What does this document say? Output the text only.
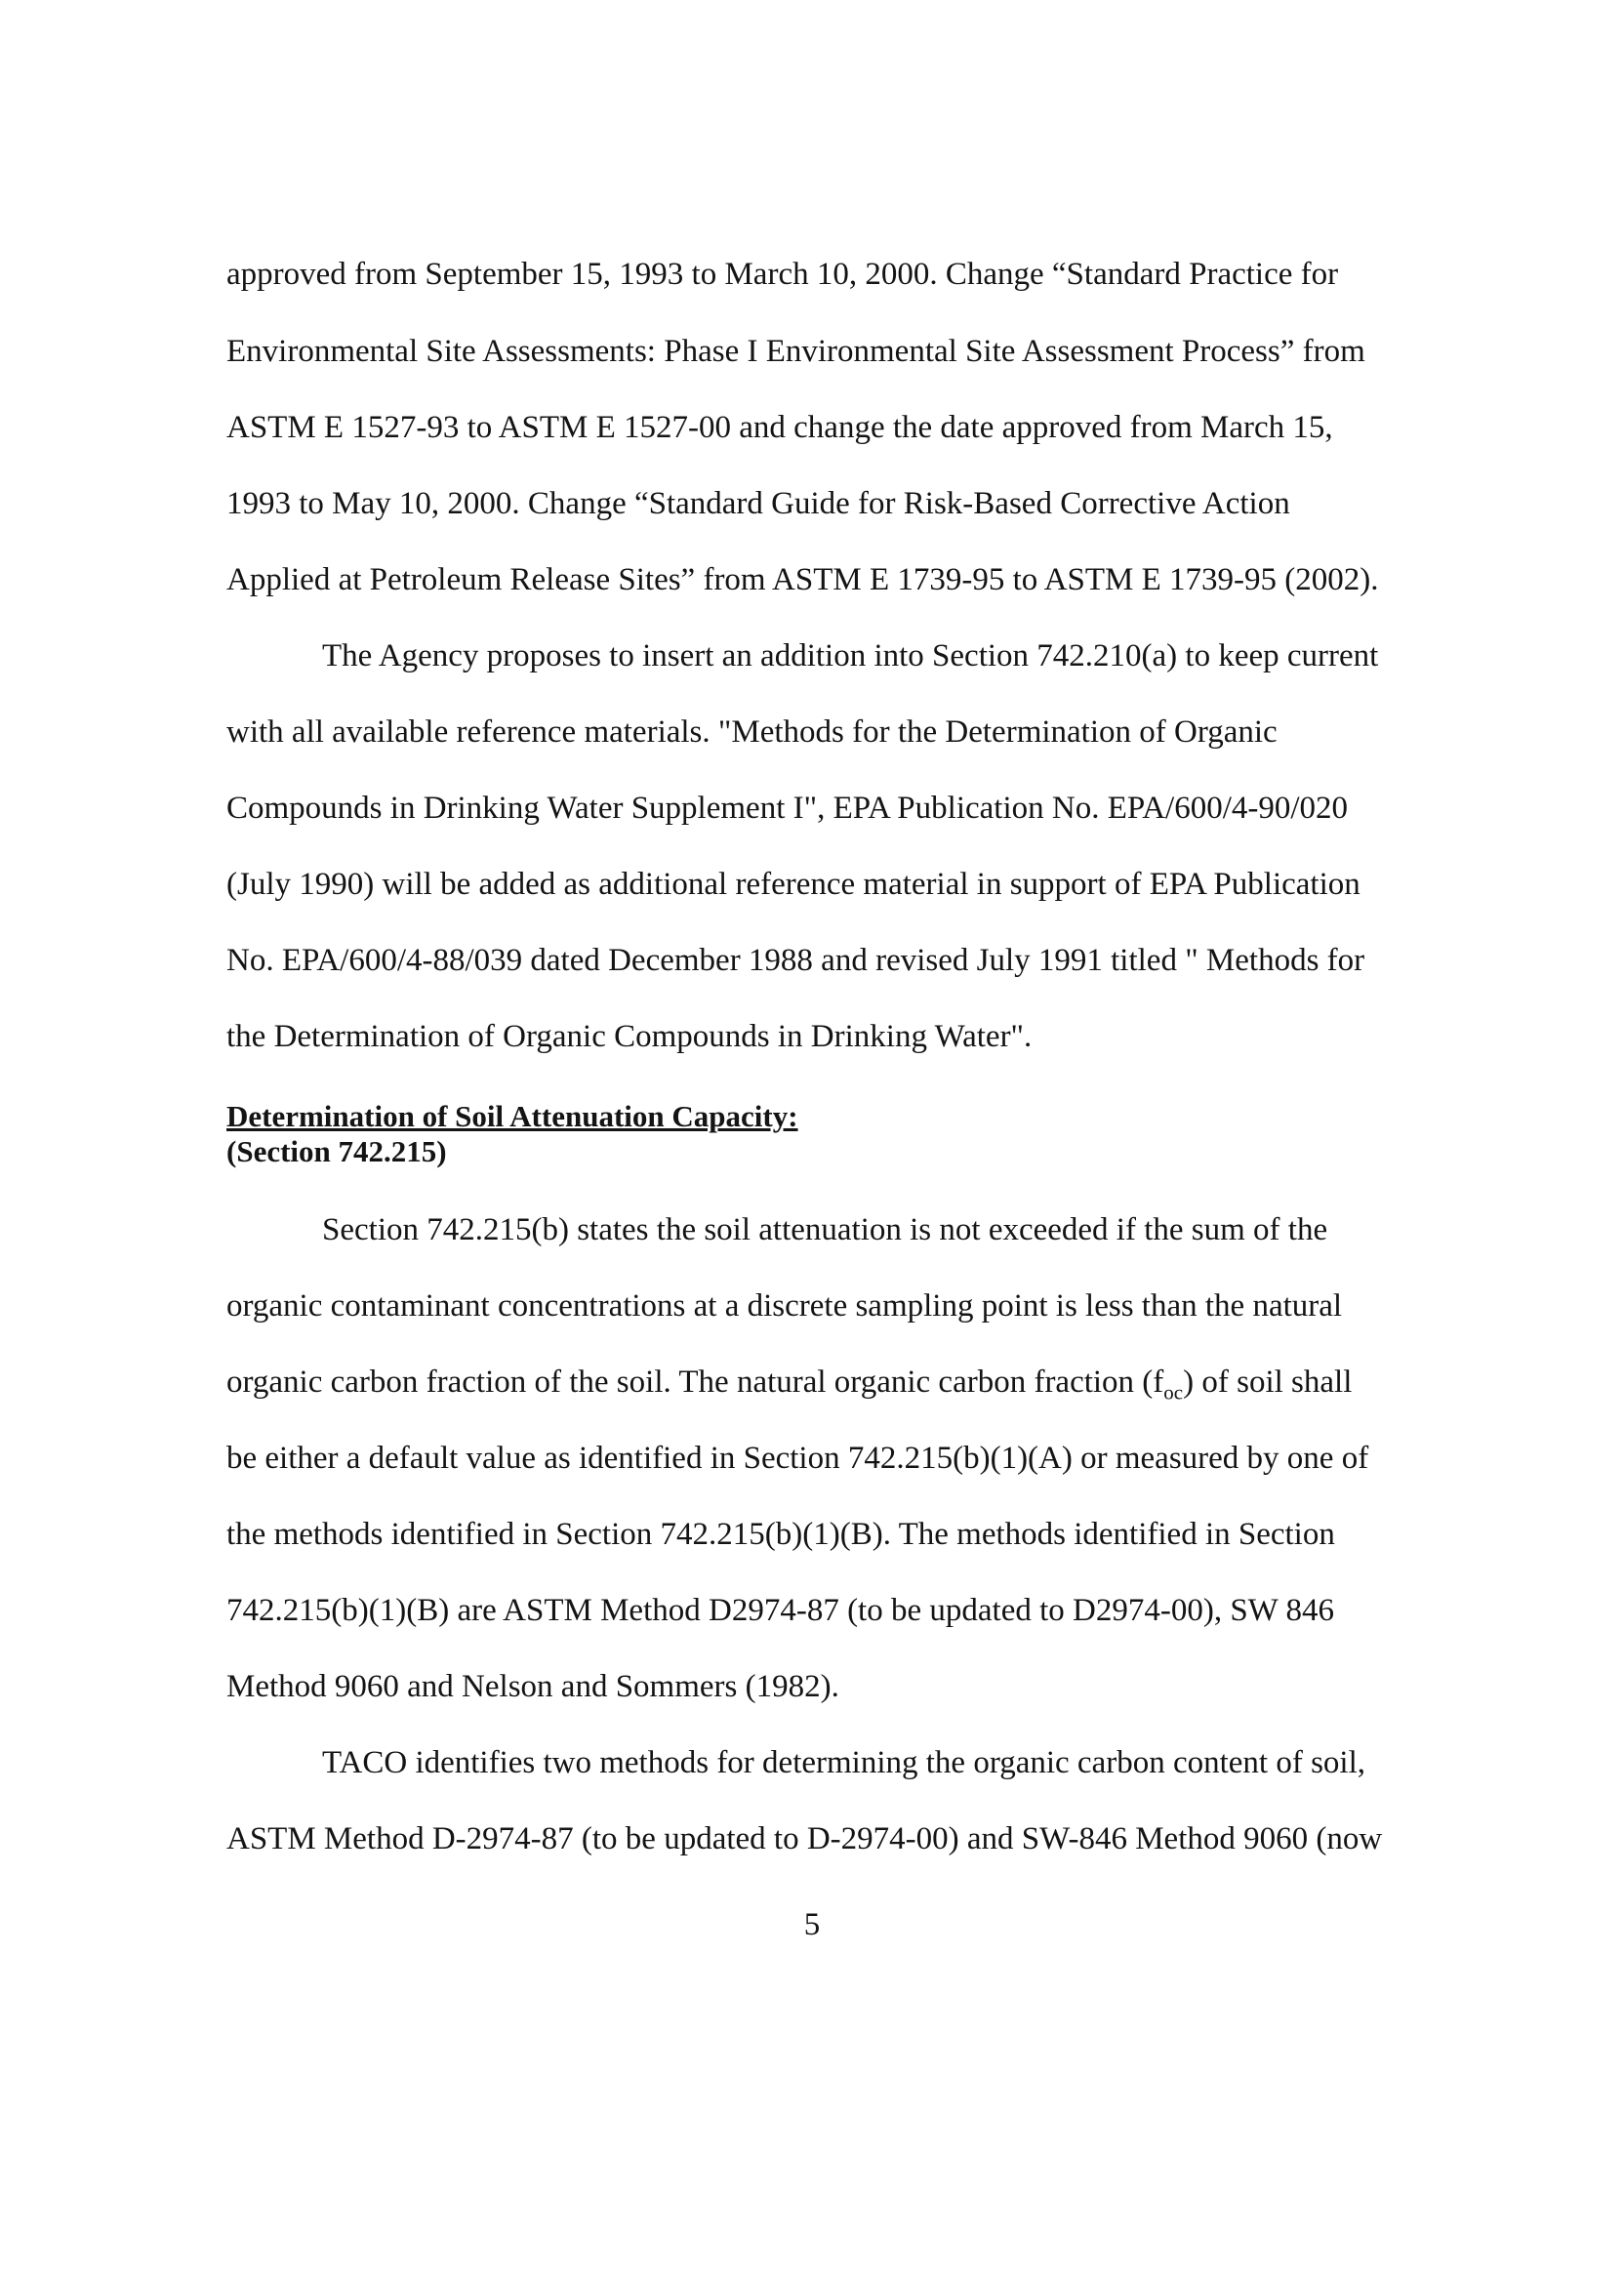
approved from September 15, 1993 to March 10, 2000. Change “Standard Practice for
Environmental Site Assessments: Phase I Environmental Site Assessment Process” from
ASTM E 1527-93 to ASTM E 1527-00 and change the date approved from March 15,
1993 to May 10, 2000. Change “Standard Guide for Risk-Based Corrective Action
Applied at Petroleum Release Sites” from ASTM E 1739-95 to ASTM E 1739-95 (2002).
The Agency proposes to insert an addition into Section 742.210(a) to keep current
with all available reference materials. "Methods for the Determination of Organic
Compounds in Drinking Water Supplement I", EPA Publication No. EPA/600/4-90/020
(July 1990) will be added as additional reference material in support of EPA Publication
No. EPA/600/4-88/039 dated December 1988 and revised July 1991 titled " Methods for
the Determination of Organic Compounds in Drinking Water".
Determination of Soil Attenuation Capacity:
(Section 742.215)
Section 742.215(b) states the soil attenuation is not exceeded if the sum of the
organic contaminant concentrations at a discrete sampling point is less than the natural
organic carbon fraction of the soil. The natural organic carbon fraction $(f_{oc})$ of soil shall
be either a default value as identified in Section 742.215(b)(1)(A) or measured by one of
the methods identified in Section 742.215(b)(1)(B). The methods identified in Section
742.215(b)(1)(B) are ASTM Method D2974-87 (to be updated to D2974-00), SW 846
Method 9060 and Nelson and Sommers (1982).
TACO identifies two methods for determining the organic carbon content of soil,
ASTM Method D-2974-87 (to be updated to D-2974-00) and SW-846 Method 9060 (now
5
